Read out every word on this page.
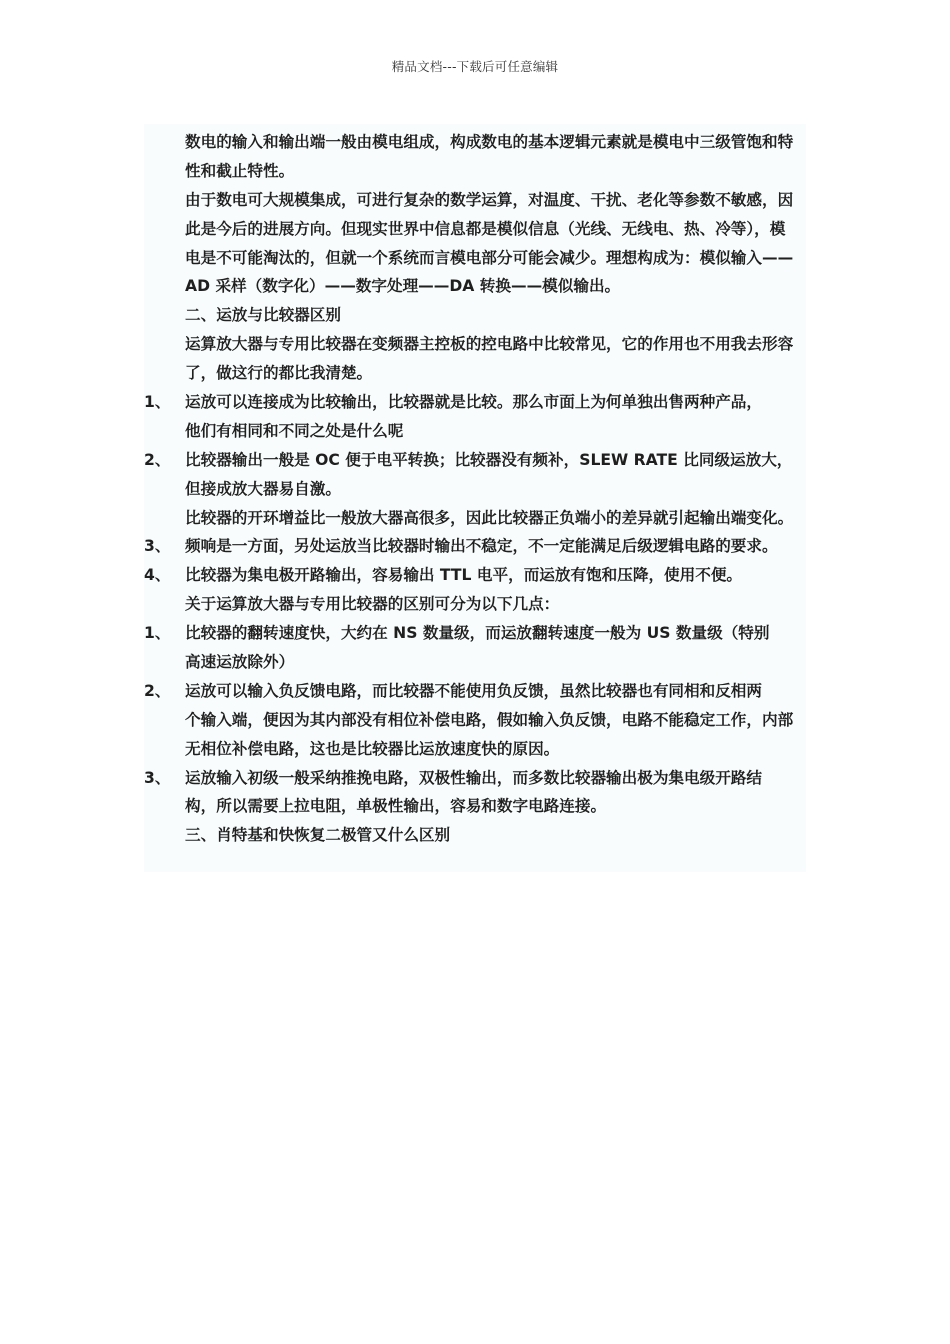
精品文档---下载后可任意编辑
数电的输入和输出端一般由模电组成，构成数电的基本逻辑元素就是模电中三级管饱和特
性和截止特性。
由于数电可大规模集成，可进行复杂的数学运算，对温度、干扰、老化等参数不敏感，因
此是今后的进展方向。但现实世界中信息都是模似信息（光线、无线电、热、冷等），模
电是不可能淘汰的，但就一个系统而言模电部分可能会减少。理想构成为：模似输入——
AD 采样（数字化）——数字处理——DA 转换——模似输出。
二、运放与比较器区别
运算放大器与专用比较器在变频器主控板的控电路中比较常见，它的作用也不用我去形容
了，做这行的都比我清楚。
1、 运放可以连接成为比较输出，比较器就是比较。那么市面上为何单独出售两种产品，
他们有相同和不同之处是什么呢
2、 比较器输出一般是 OC 便于电平转换；比较器没有频补，SLEW RATE 比同级运放大，
但接成放大器易自激。
比较器的开环增益比一般放大器高很多，因此比较器正负端小的差异就引起输出端变化。
3、 频响是一方面，另处运放当比较器时输出不稳定，不一定能满足后级逻辑电路的要求。
4、 比较器为集电极开路输出，容易输出 TTL 电平，而运放有饱和压降，使用不便。
关于运算放大器与专用比较器的区别可分为以下几点：
1、 比较器的翻转速度快，大约在 NS 数量级，而运放翻转速度一般为 US 数量级（特别
高速运放除外）
2、 运放可以输入负反馈电路，而比较器不能使用负反馈，虽然比较器也有同相和反相两
个输入端，便因为其内部没有相位补偿电路，假如输入负反馈，电路不能稳定工作，内部
无相位补偿电路，这也是比较器比运放速度快的原因。
3、 运放输入初级一般采纳推挽电路，双极性输出，而多数比较器输出极为集电级开路结
构，所以需要上拉电阻，单极性输出，容易和数字电路连接。
三、肖特基和快恢复二极管又什么区别
